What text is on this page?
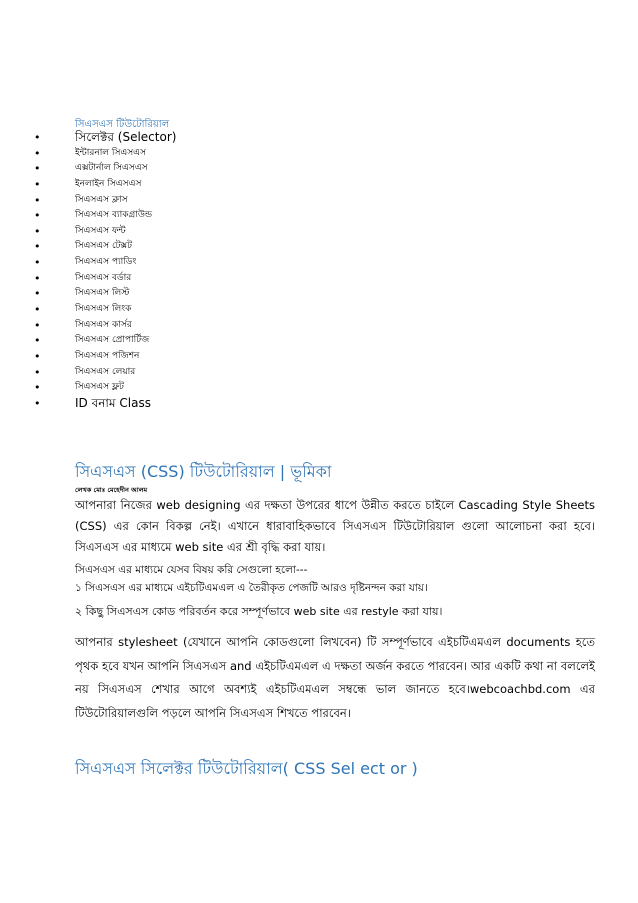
সিএসএস টিউটোরিয়াল
•	সিলেক্টর (Selector)
•	ইন্টারনাল সিএসএস
•	এক্সটার্নাল সিএসএস
•	ইনলাইন সিএসএস
•	সিএসএস ক্লাস
•	সিএসএস ব্যাকগ্রাউন্ড
•	সিএসএস ফন্ট
•	সিএসএস টেক্সট
•	সিএসএস প্যাডিং
•	সিএসএস বর্ডার
•	সিএসএস লিস্ট
•	সিএসএস লিংক
•	সিএসএস কার্সর
•	সিএসএস প্রোপার্টিজ
•	সিএসএস পজিশন
•	সিএসএস লেয়ার
•	সিএসএস ফ্লট
•	ID বনাম Class
সিএসএস (CSS) টিউটোরিয়াল | ভূমিকা
লেখক মোঃ মেহেদীন আলম
আপনারা নিজের web designing এর দক্ষতা উপরের ধাপে উন্নীত করতে চাইলে Cascading Style Sheets (CSS) এর কোন বিকল্প নেই। এখানে ধারাবাহিকভাবে সিএসএস টিউটোরিয়াল গুলো আলোচনা করা হবে। সিএসএস এর মাধ্যমে web site এর শ্রী বৃদ্ধি করা যায়।
সিএসএস এর মাধ্যমে যেসব বিষয় করি সেগুলো হলো---
১ সিএসএস এর মাধ্যমে এইচটিএমএল এ তৈরীকৃত পেজটি আরও দৃষ্টিনন্দন করা যায়।
২ কিছু সিএসএস কোড পরিবর্তন করে সম্পূর্ণভাবে web site এর restyle করা যায়।
আপনার stylesheet (যেখানে আপনি কোডগুলো লিখবেন) টি সম্পূর্ণভাবে এইচটিএমএল documents হতে পৃথক হবে যখন আপনি সিএসএস and এইচটিএমএল এ দক্ষতা অর্জন করতে পারবেন। আর একটি কথা না বললেই নয় সিএসএস শেখার আগে অবশ্যই এইচটিএমএল সম্বন্ধে ভাল জানতে হবে।webcoachbd.com এর টিউটোরিয়ালগুলি পড়লে আপনি সিএসএস শিখতে পারবেন।
সিএসএস সিলেক্টর টিউটোরিয়াল( CSS Sel ect or )
